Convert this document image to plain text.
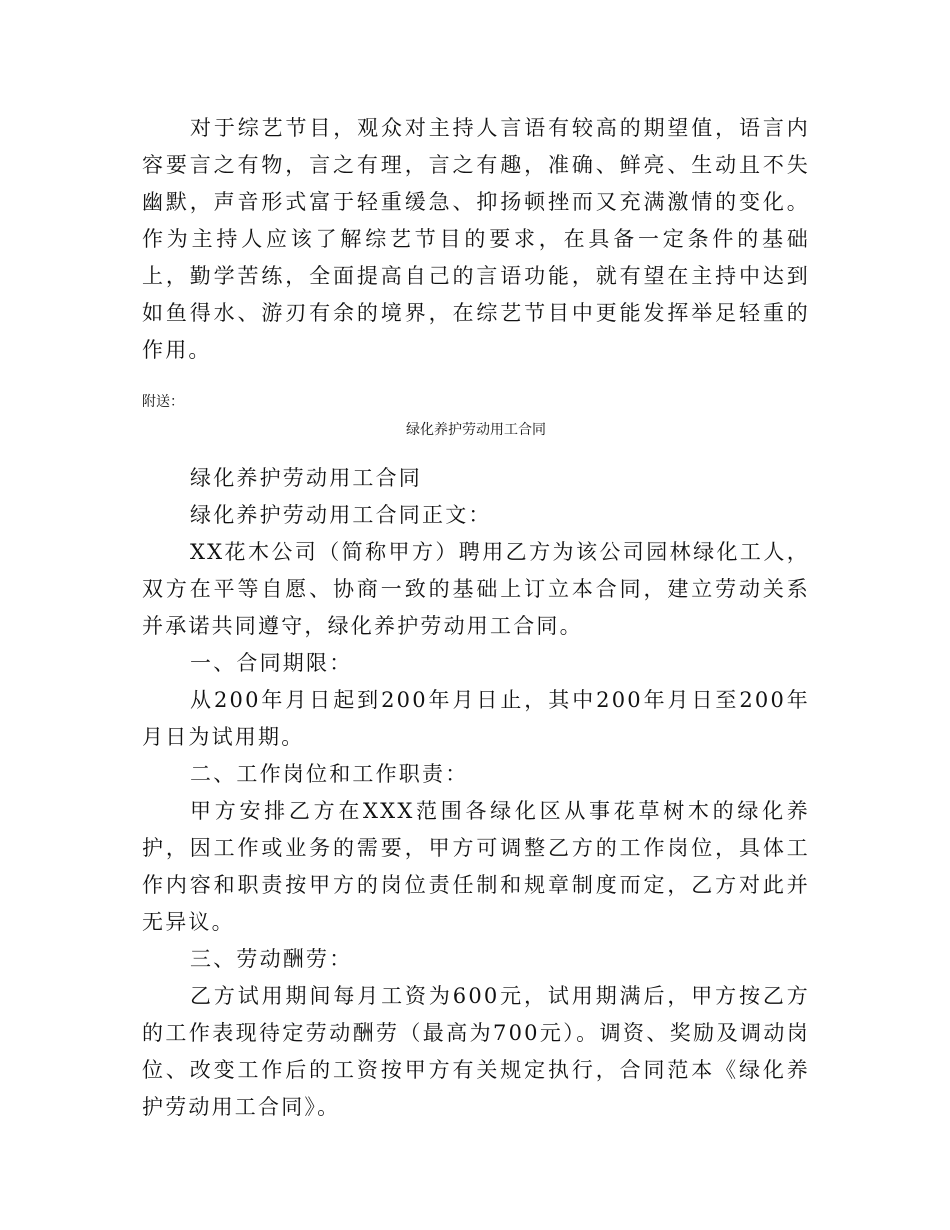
对于综艺节目，观众对主持人言语有较高的期望值，语言内容要言之有物，言之有理，言之有趣，准确、鲜亮、生动且不失幽默，声音形式富于轻重缓急、抑扬顿挫而又充满激情的变化。作为主持人应该了解综艺节目的要求，在具备一定条件的基础上，勤学苦练，全面提高自己的言语功能，就有望在主持中达到如鱼得水、游刃有余的境界，在综艺节目中更能发挥举足轻重的作用。

附送：

绿化养护劳动用工合同

绿化养护劳动用工合同

绿化养护劳动用工合同正文：

XX花木公司（简称甲方）聘用乙方为该公司园林绿化工人，双方在平等自愿、协商一致的基础上订立本合同，建立劳动关系并承诺共同遵守，绿化养护劳动用工合同。

一、合同期限：

从200年月日起到200年月日止，其中200年月日至200年月日为试用期。

二、工作岗位和工作职责：

甲方安排乙方在XXX范围各绿化区从事花草树木的绿化养护，因工作或业务的需要，甲方可调整乙方的工作岗位，具体工作内容和职责按甲方的岗位责任制和规章制度而定，乙方对此并无异议。

三、劳动酬劳：

乙方试用期间每月工资为600元，试用期满后，甲方按乙方的工作表现待定劳动酬劳（最高为700元）。调资、奖励及调动岗位、改变工作后的工资按甲方有关规定执行，合同范本《绿化养护劳动用工合同》。
